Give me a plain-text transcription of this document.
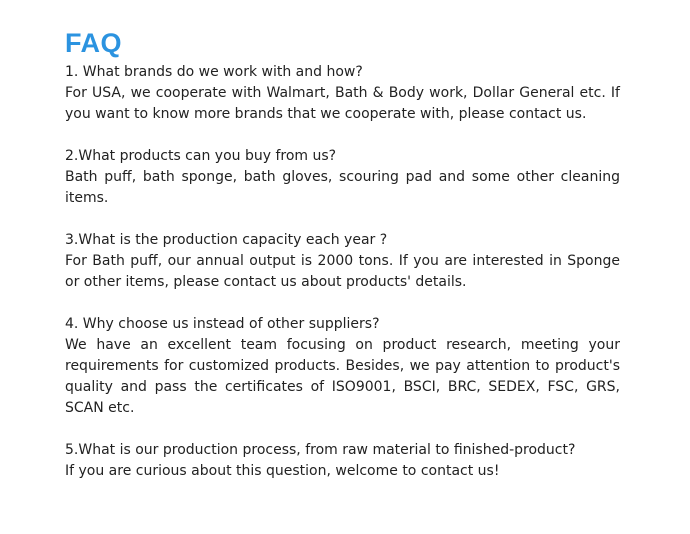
FAQ

1. What brands do we work with and how?

For USA, we cooperate with Walmart, Bath & Body work, Dollar General etc. If you want to know more brands that we cooperate with, please contact us.

2.What products can you buy from us?

Bath puff, bath sponge, bath gloves, scouring pad and some other cleaning items.

3.What is the production capacity each year ?

For Bath puff, our annual output is 2000 tons. If you are interested in Sponge or other items, please contact us about products' details.

4. Why choose us instead of other suppliers?

We have an excellent team focusing on product research, meeting your requirements for customized products. Besides, we pay attention to product's quality and pass the certificates of ISO9001, BSCI, BRC, SEDEX, FSC, GRS, SCAN etc.

5.What is our production process, from raw material to finished-product?

If you are curious about this question, welcome to contact us!
